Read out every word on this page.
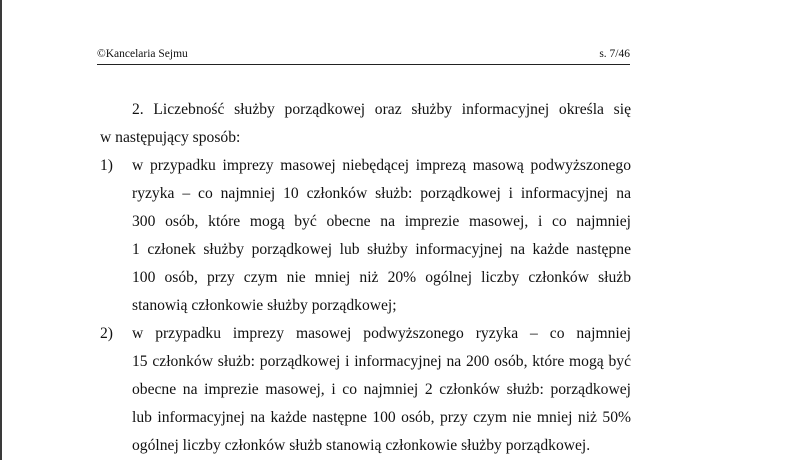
©Kancelaria Sejmu	s. 7/46
2. Liczebność służby porządkowej oraz służby informacyjnej określa się
w następujący sposób:
1) w przypadku imprezy masowej niebędącej imprezą masową podwyższonego
ryzyka – co najmniej 10 członków służb: porządkowej i informacyjnej na
300 osób, które mogą być obecne na imprezie masowej, i co najmniej
1 członek służby porządkowej lub służby informacyjnej na każde następne
100 osób, przy czym nie mniej niż 20% ogólnej liczby członków służb
stanowią członkowie służby porządkowej;
2) w przypadku imprezy masowej podwyższonego ryzyka – co najmniej
15 członków służb: porządkowej i informacyjnej na 200 osób, które mogą być
obecne na imprezie masowej, i co najmniej 2 członków służb: porządkowej
lub informacyjnej na każde następne 100 osób, przy czym nie mniej niż 50%
ogólnej liczby członków służb stanowią członkowie służby porządkowej.
